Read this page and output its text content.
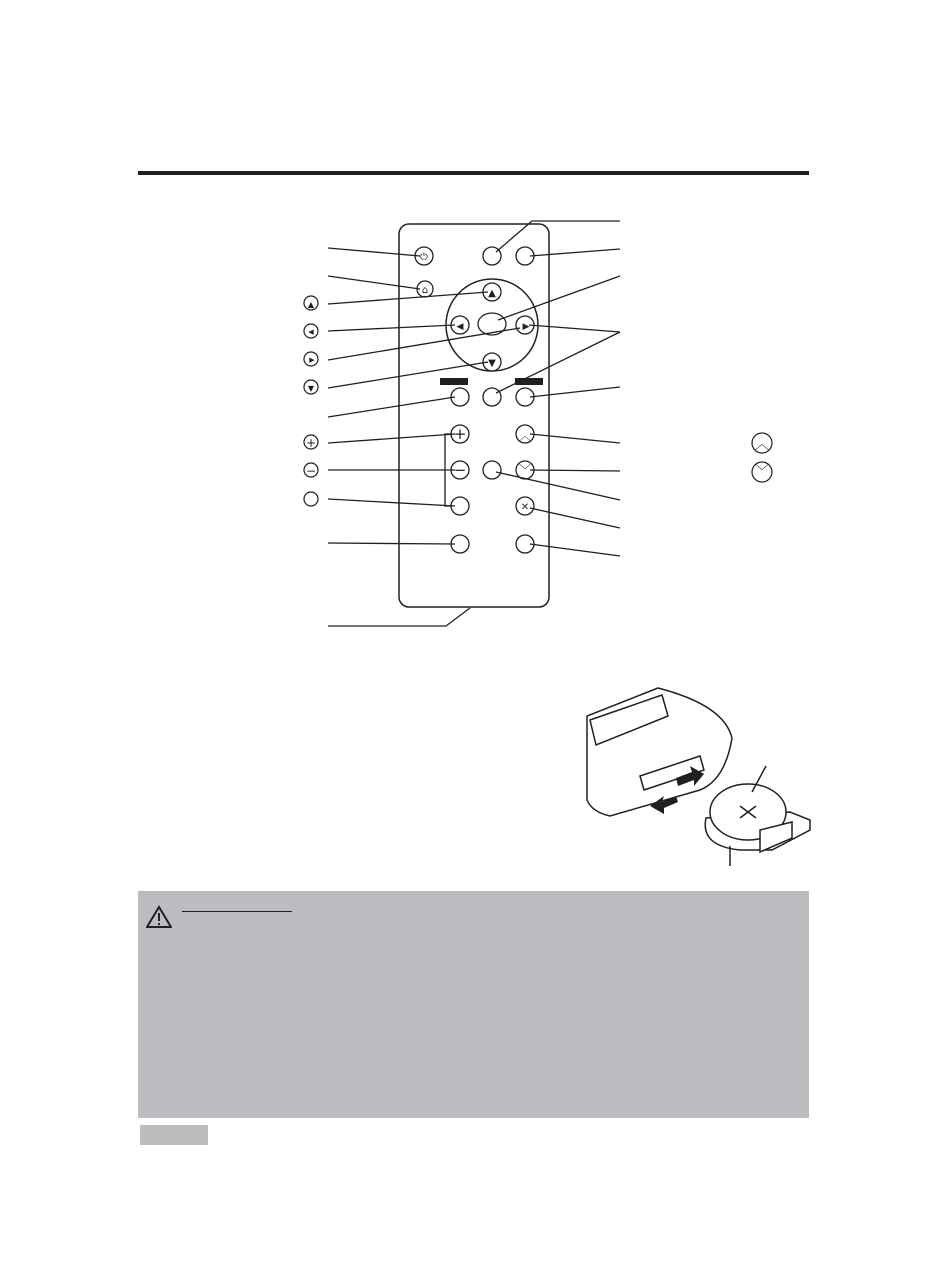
⏻
⌂	▲
◀	▶
▼
+
−
︿
﹀
✕
▲
◀
▶
▼
+
−
︿
﹀
